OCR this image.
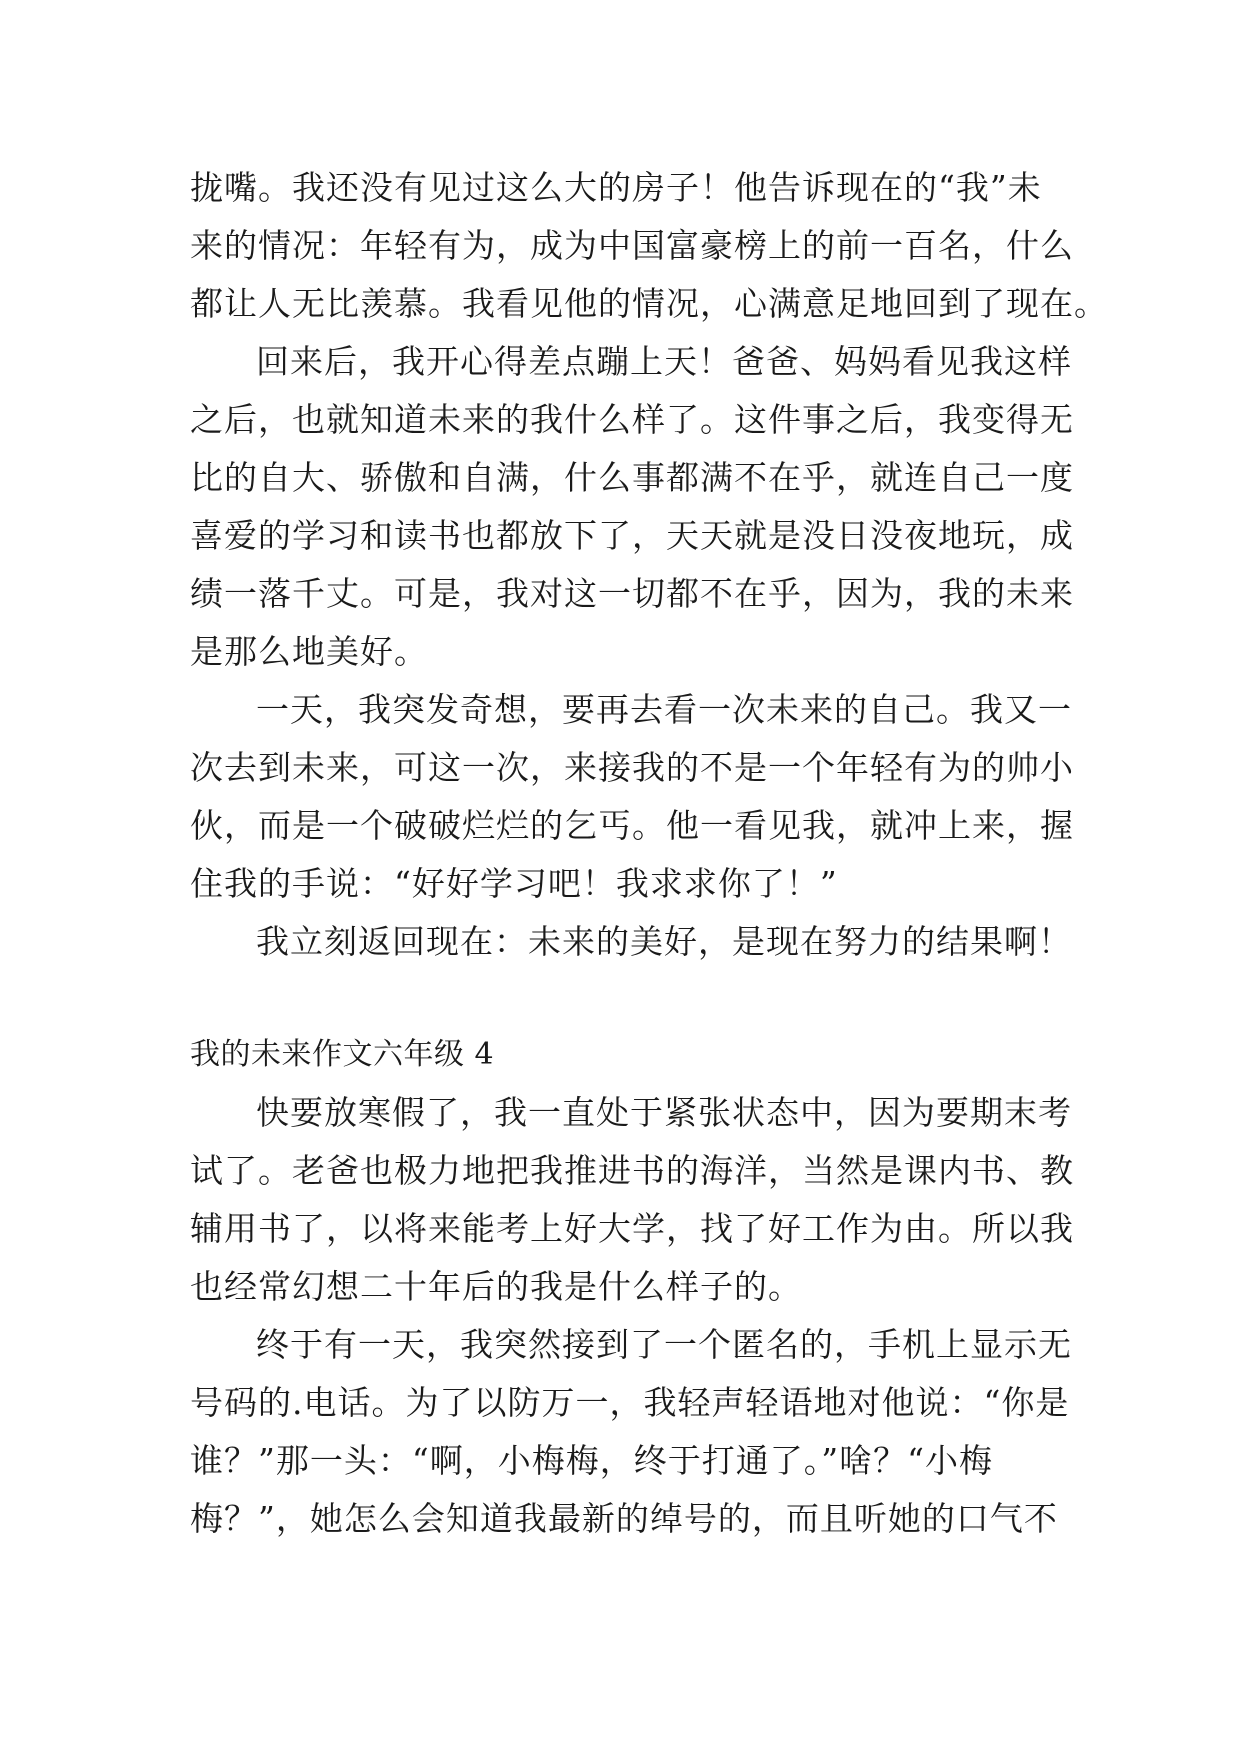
拢嘴。我还没有见过这么大的房子！他告诉现在的“我”未
来的情况：年轻有为，成为中国富豪榜上的前一百名，什么
都让人无比羡慕。我看见他的情况，心满意足地回到了现在。
回来后，我开心得差点蹦上天！爸爸、妈妈看见我这样
之后，也就知道未来的我什么样了。这件事之后，我变得无
比的自大、骄傲和自满，什么事都满不在乎，就连自己一度
喜爱的学习和读书也都放下了，天天就是没日没夜地玩，成
绩一落千丈。可是，我对这一切都不在乎，因为，我的未来
是那么地美好。
一天，我突发奇想，要再去看一次未来的自己。我又一
次去到未来，可这一次，来接我的不是一个年轻有为的帅小
伙，而是一个破破烂烂的乞丐。他一看见我，就冲上来，握
住我的手说：“好好学习吧！我求求你了！”
我立刻返回现在：未来的美好，是现在努力的结果啊！
我的未来作文六年级 4
快要放寒假了，我一直处于紧张状态中，因为要期末考
试了。老爸也极力地把我推进书的海洋，当然是课内书、教
辅用书了，以将来能考上好大学，找了好工作为由。所以我
也经常幻想二十年后的我是什么样子的。
终于有一天，我突然接到了一个匿名的，手机上显示无
号码的.电话。为了以防万一，我轻声轻语地对他说：“你是
谁？”那一头：“啊，小梅梅，终于打通了。”啥？“小梅
梅？”，她怎么会知道我最新的绰号的，而且听她的口气不
